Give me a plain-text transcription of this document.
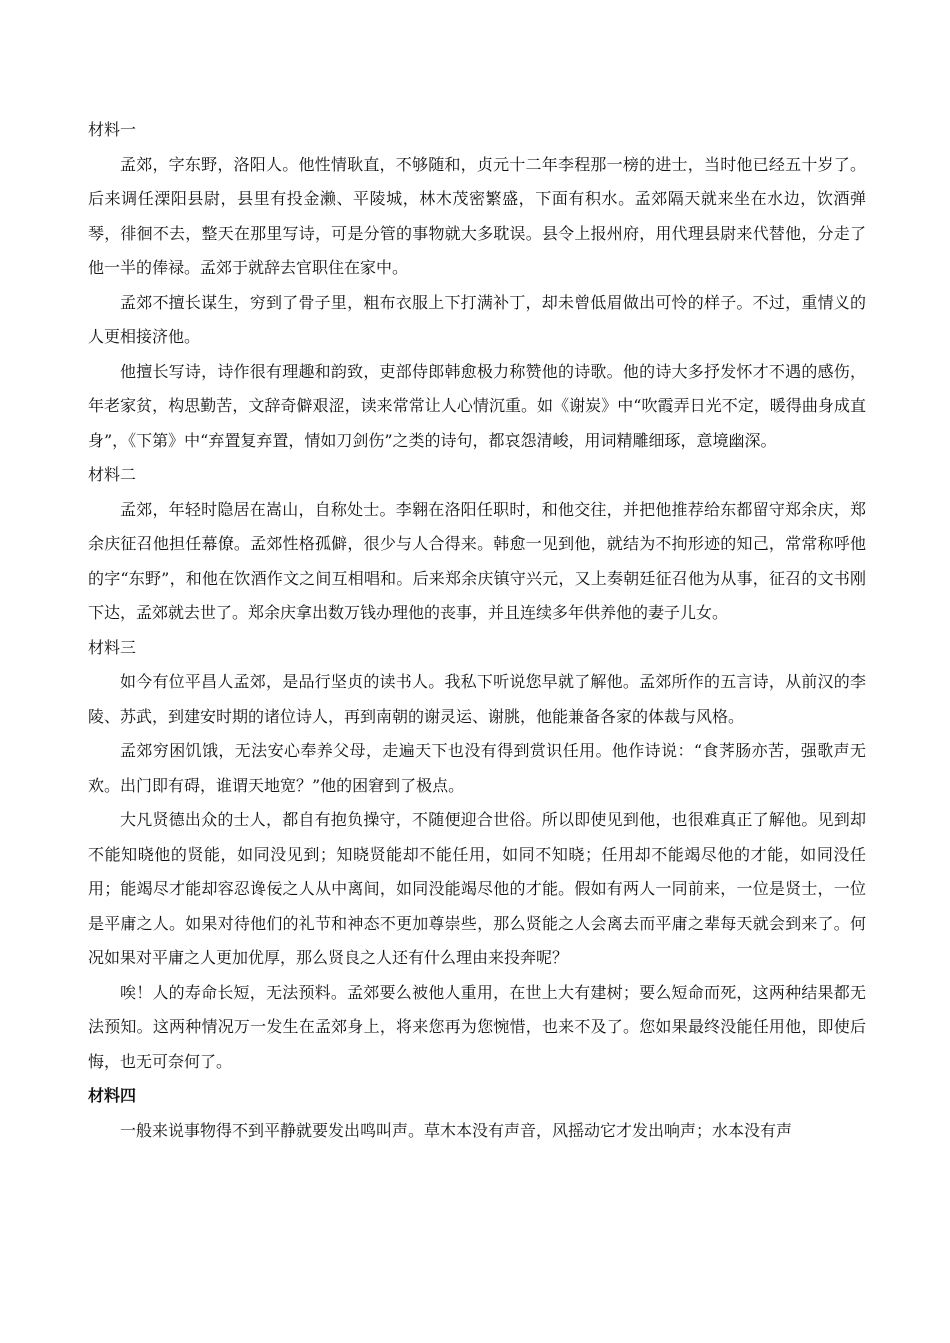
材料一

孟郊，字东野，洛阳人。他性情耿直，不够随和，贞元十二年李程那一榜的进士，当时他已经五十岁了。后来调任溧阳县尉，县里有投金濑、平陵城，林木茂密繁盛，下面有积水。孟郊隔天就来坐在水边，饮酒弹琴，徘徊不去，整天在那里写诗，可是分管的事物就大多耽误。县令上报州府，用代理县尉来代替他，分走了他一半的俸禄。孟郊于就辞去官职住在家中。

孟郊不擅长谋生，穷到了骨子里，粗布衣服上下打满补丁，却未曾低眉做出可怜的样子。不过，重情义的人更相接济他。

他擅长写诗，诗作很有理趣和韵致，吏部侍郎韩愈极力称赞他的诗歌。他的诗大多抒发怀才不遇的感伤，年老家贫，构思勤苦，文辞奇僻艰涩，读来常常让人心情沉重。如《谢炭》中“吹霞弄日光不定，暖得曲身成直身”，《下第》中“弃置复弃置，情如刀剑伤”之类的诗句，都哀怨清峻，用词精雕细琢，意境幽深。

材料二

孟郊，年轻时隐居在嵩山，自称处士。李翱在洛阳任职时，和他交往，并把他推荐给东都留守郑余庆，郑余庆征召他担任幕僚。孟郊性格孤僻，很少与人合得来。韩愈一见到他，就结为不拘形迹的知己，常常称呼他的字“东野”，和他在饮酒作文之间互相唱和。后来郑余庆镇守兴元，又上奏朝廷征召他为从事，征召的文书刚下达，孟郊就去世了。郑余庆拿出数万钱办理他的丧事，并且连续多年供养他的妻子儿女。

材料三

如今有位平昌人孟郊，是品行坚贞的读书人。我私下听说您早就了解他。孟郊所作的五言诗，从前汉的李陵、苏武，到建安时期的诸位诗人，再到南朝的谢灵运、谢朓，他能兼备各家的体裁与风格。

孟郊穷困饥饿，无法安心奉养父母，走遍天下也没有得到赏识任用。他作诗说：“食荠肠亦苦，强歌声无欢。出门即有碍，谁谓天地宽？”他的困窘到了极点。

大凡贤德出众的士人，都自有抱负操守，不随便迎合世俗。所以即使见到他，也很难真正了解他。见到却不能知晓他的贤能，如同没见到；知晓贤能却不能任用，如同不知晓；任用却不能竭尽他的才能，如同没任用；能竭尽才能却容忍谗佞之人从中离间，如同没能竭尽他的才能。假如有两人一同前来，一位是贤士，一位是平庸之人。如果对待他们的礼节和神态不更加尊崇些，那么贤能之人会离去而平庸之辈每天就会到来了。何况如果对平庸之人更加优厚，那么贤良之人还有什么理由来投奔呢？

唉！人的寿命长短，无法预料。孟郊要么被他人重用，在世上大有建树；要么短命而死，这两种结果都无法预知。这两种情况万一发生在孟郊身上，将来您再为您惋惜，也来不及了。您如果最终没能任用他，即使后悔，也无可奈何了。

材料四

一般来说事物得不到平静就要发出鸣叫声。草木本没有声音，风摇动它才发出响声；水本没有声
